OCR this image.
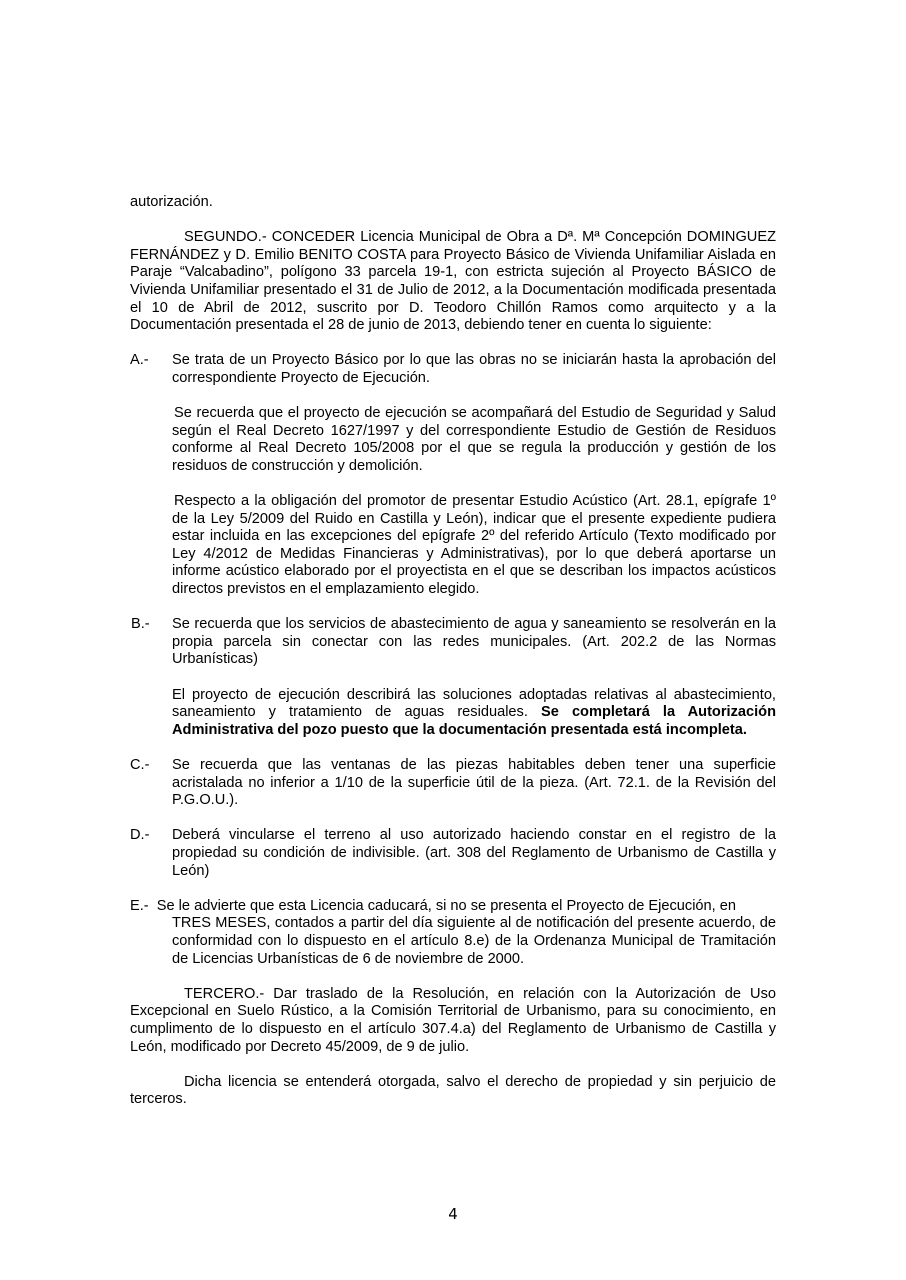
autorización.

SEGUNDO.- CONCEDER Licencia Municipal de Obra a Dª. Mª Concepción DOMINGUEZ FERNÁNDEZ y D. Emilio BENITO COSTA para Proyecto Básico de Vivienda Unifamiliar Aislada en Paraje “Valcabadino”, polígono 33 parcela 19-1, con estricta sujeción al Proyecto BÁSICO de Vivienda Unifamiliar presentado el 31 de Julio de 2012, a la Documentación modificada presentada el 10 de Abril de 2012, suscrito por D. Teodoro Chillón Ramos como arquitecto y a la Documentación presentada el 28 de junio de 2013, debiendo tener en cuenta lo siguiente:

A.- Se trata de un Proyecto Básico por lo que las obras no se iniciarán hasta la aprobación del correspondiente Proyecto de Ejecución.

Se recuerda que el proyecto de ejecución se acompañará del Estudio de Seguridad y Salud según el Real Decreto 1627/1997 y del correspondiente Estudio de Gestión de Residuos conforme al Real Decreto 105/2008 por el que se regula la producción y gestión de los residuos de construcción y demolición.

Respecto a la obligación del promotor de presentar Estudio Acústico (Art. 28.1, epígrafe 1º de la Ley 5/2009 del Ruido en Castilla y León), indicar que el presente expediente pudiera estar incluida en las excepciones del epígrafe 2º del referido Artículo (Texto modificado por Ley 4/2012 de Medidas Financieras y Administrativas), por lo que deberá aportarse un informe acústico elaborado por el proyectista en el que se describan los impactos acústicos directos previstos en el emplazamiento elegido.

B.- Se recuerda que los servicios de abastecimiento de agua y saneamiento se resolverán en la propia parcela sin conectar con las redes municipales. (Art. 202.2 de las Normas Urbanísticas)

El proyecto de ejecución describirá las soluciones adoptadas relativas al abastecimiento, saneamiento y tratamiento de aguas residuales. Se completará la Autorización Administrativa del pozo puesto que la documentación presentada está incompleta.

C.- Se recuerda que las ventanas de las piezas habitables deben tener una superficie acristalada no inferior a 1/10 de la superficie útil de la pieza. (Art. 72.1. de la Revisión del P.G.O.U.).

D.- Deberá vincularse el terreno al uso autorizado haciendo constar en el registro de la propiedad su condición de indivisible. (art. 308 del Reglamento de Urbanismo de Castilla y León)

E.- Se le advierte que esta Licencia caducará, si no se presenta el Proyecto de Ejecución, en

TRES MESES, contados a partir del día siguiente al de notificación del presente acuerdo, de conformidad con lo dispuesto en el artículo 8.e) de la Ordenanza Municipal de Tramitación de Licencias Urbanísticas de 6 de noviembre de 2000.

TERCERO.- Dar traslado de la Resolución, en relación con la Autorización de Uso Excepcional en Suelo Rústico, a la Comisión Territorial de Urbanismo, para su conocimiento, en cumplimento de lo dispuesto en el artículo 307.4.a) del Reglamento de Urbanismo de Castilla y León, modificado por Decreto 45/2009, de 9 de julio.

Dicha licencia se entenderá otorgada, salvo el derecho de propiedad y sin perjuicio de terceros.

4
